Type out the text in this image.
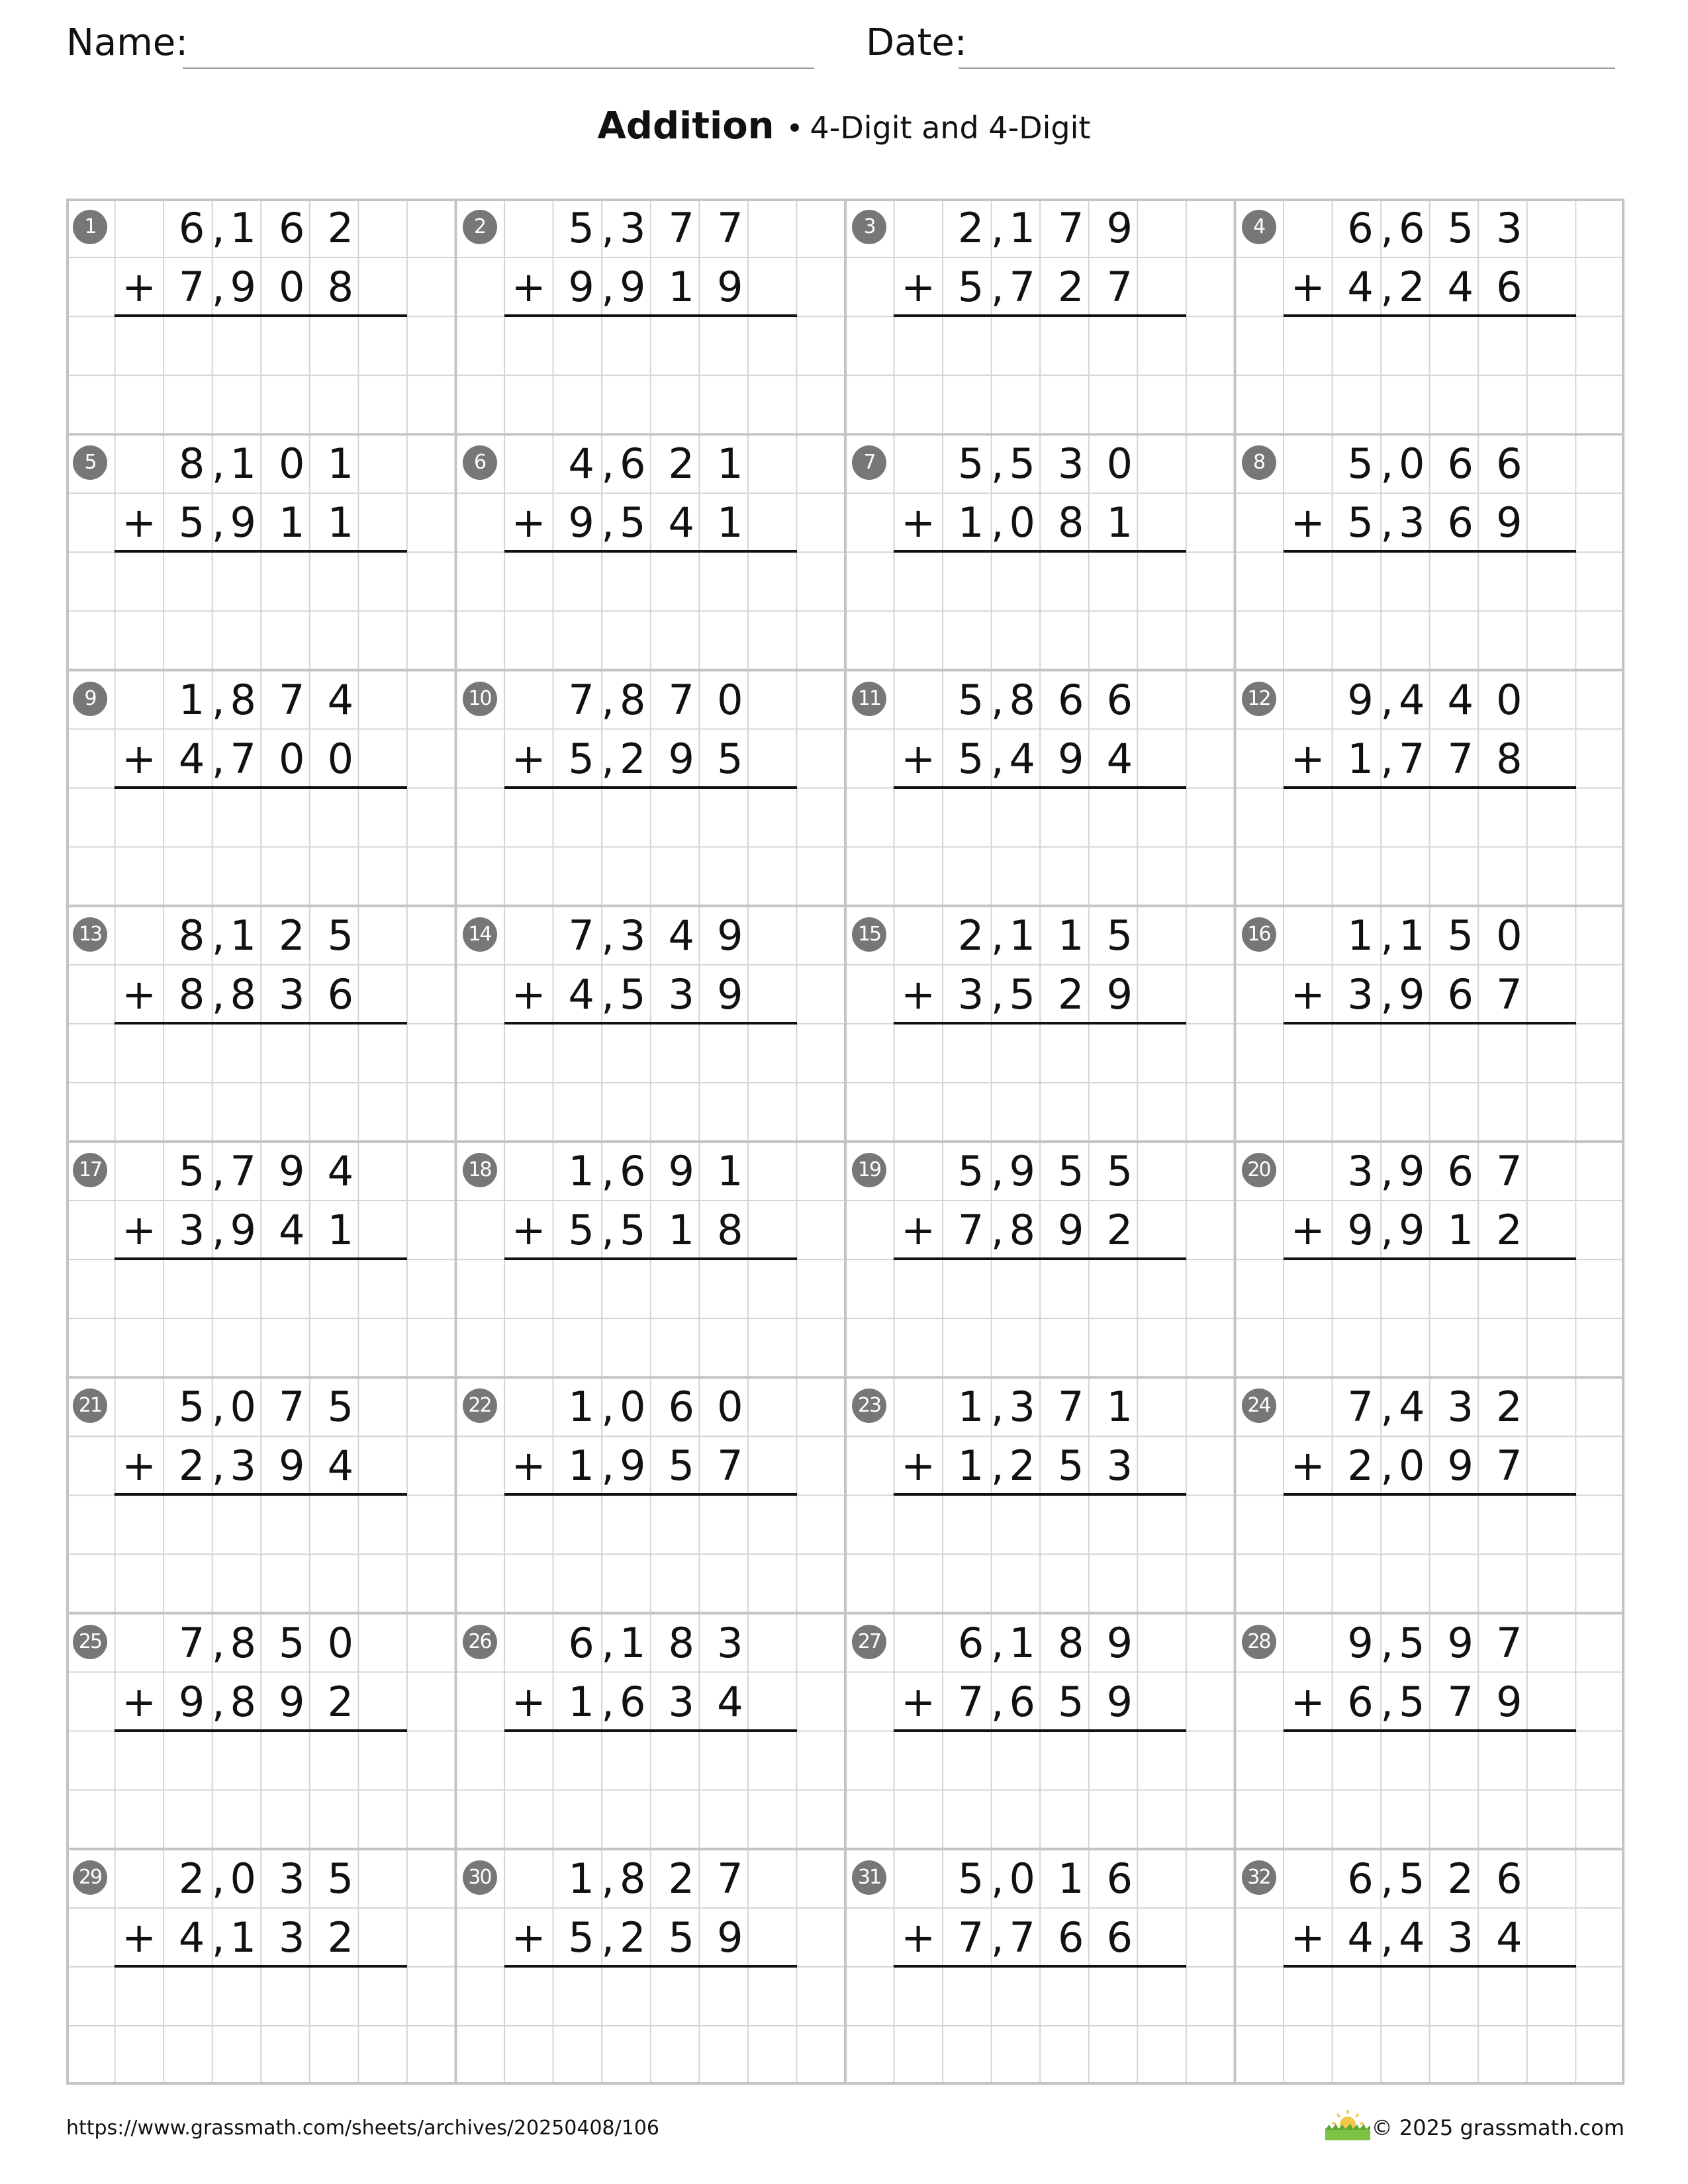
Name:	Date:
Addition • 4-Digit and 4-Digit
1 6 , 1 6 2
7 , 9 0 8
+
2 5 , 3 7 7
9 , 9 1 9
+
3 2 , 1 7 9
5 , 7 2 7
+
4 6 , 6 5 3
4 , 2 4 6
+
5 8 , 1 0 1
5 , 9 1 1
+
6 4 , 6 2 1
9 , 5 4 1
+
7 5 , 5 3 0
1 , 0 8 1
+
8 5 , 0 6 6
5 , 3 6 9
+
9 1 , 8 7 4
4 , 7 0 0
+
10 7 , 8 7 0
5 , 2 9 5
+
11 5 , 8 6 6
5 , 4 9 4
+
12 9 , 4 4 0
1 , 7 7 8
+
13 8 , 1 2 5
8 , 8 3 6
+
14 7 , 3 4 9
4 , 5 3 9
+
15 2 , 1 1 5
3 , 5 2 9
+
16 1 , 1 5 0
3 , 9 6 7
+
17 5 , 7 9 4
3 , 9 4 1
+
18 1 , 6 9 1
5 , 5 1 8
+
19 5 , 9 5 5
7 , 8 9 2
+
20 3 , 9 6 7
9 , 9 1 2
+
21 5 , 0 7 5
2 , 3 9 4
+
22 1 , 0 6 0
1 , 9 5 7
+
23 1 , 3 7 1
1 , 2 5 3
+
24 7 , 4 3 2
2 , 0 9 7
+
25 7 , 8 5 0
9 , 8 9 2
+
26 6 , 1 8 3
1 , 6 3 4
+
27 6 , 1 8 9
7 , 6 5 9
+
28 9 , 5 9 7
6 , 5 7 9
+
29 2 , 0 3 5
4 , 1 3 2
+
30 1 , 8 2 7
5 , 2 5 9
+
31 5 , 0 1 6
7 , 7 6 6
+
32 6 , 5 2 6
4 , 4 3 4
+
https://www.grassmath.com/sheets/archives/20250408/106	© 2025 grassmath.com
